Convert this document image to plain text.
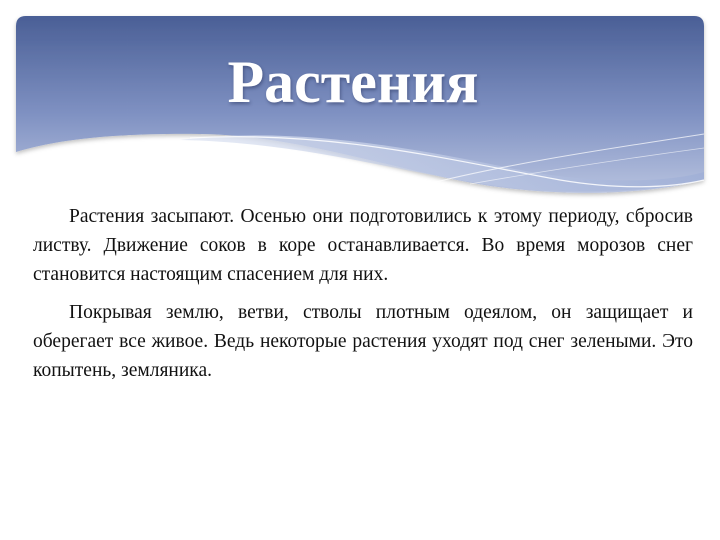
Растения

Растения засыпают. Осенью они подготовились к этому периоду, сбросив листву. Движение соков в коре останавливается. Во время морозов снег становится настоящим спасением для них.

Покрывая землю, ветви, стволы плотным одеялом, он защищает и оберегает все живое. Ведь некоторые растения уходят под снег зелеными. Это копытень, земляника.
